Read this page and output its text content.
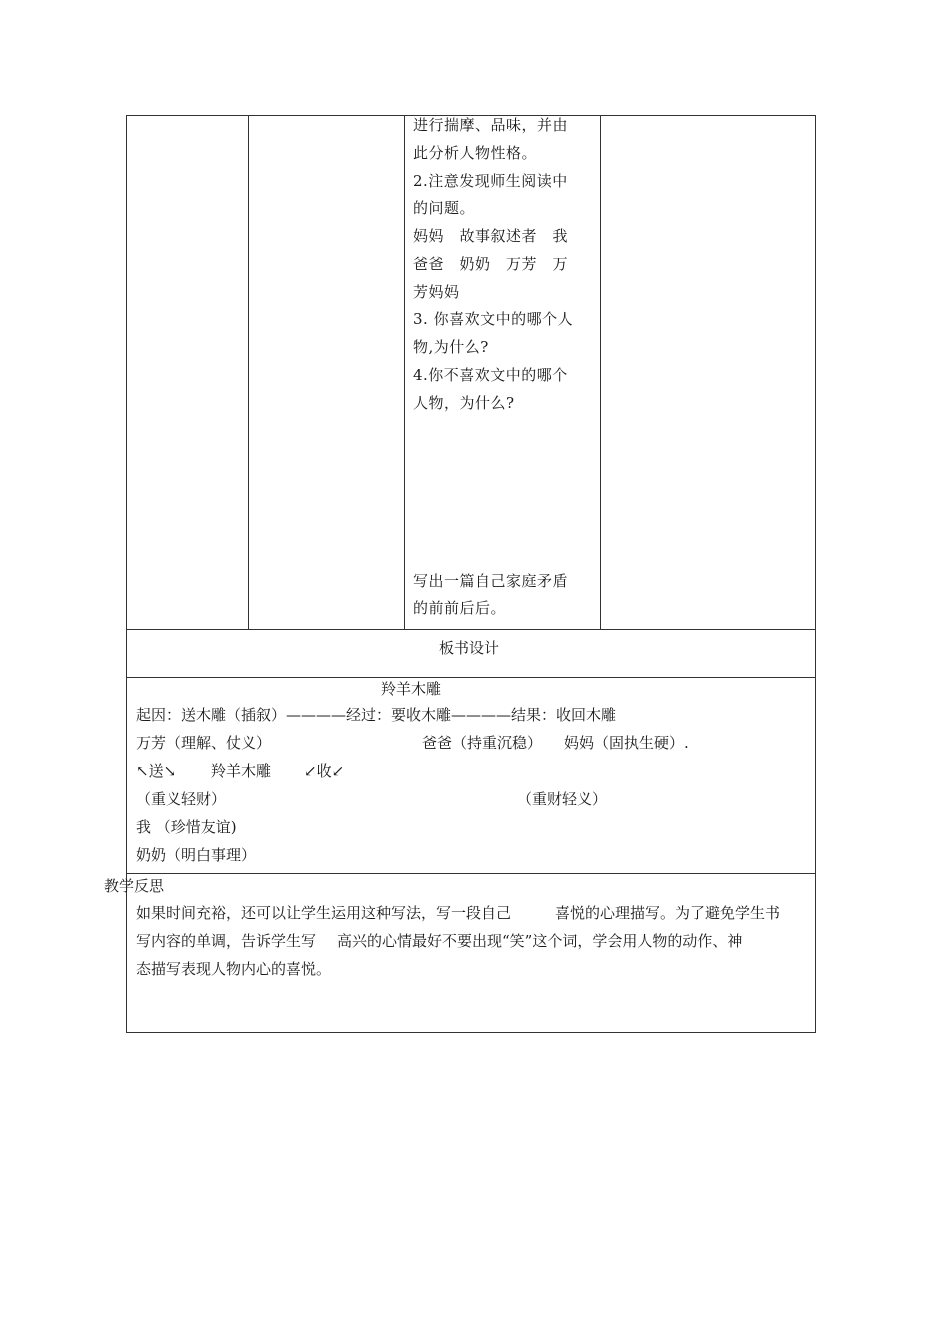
进行揣摩、品味，并由
此分析人物性格。
2.注意发现师生阅读中
的问题。
妈妈　故事叙述者　我
爸爸　奶奶　万芳　万
芳妈妈
3. 你喜欢文中的哪个人
物,为什么?
4.你不喜欢文中的哪个
人物，为什么?
写出一篇自己家庭矛盾
的前前后后。
板书设计
羚羊木雕
起因：送木雕（插叙）————经过：要收木雕————结果：收回木雕
万芳（理解、仗义）	爸爸（持重沉稳） 妈妈（固执生硬）.
↖送↘ 羚羊木雕 ↙收↙
（重义轻财）	（重财轻义）
我 （珍惜友谊)
奶奶（明白事理）
教学反思
如果时间充裕，还可以让学生运用这种写法，写一段自己	喜悦的心理描写。为了避免学生书
写内容的单调，告诉学生写 高兴的心情最好不要出现“笑”这个词，学会用人物的动作、神
态描写表现人物内心的喜悦。
